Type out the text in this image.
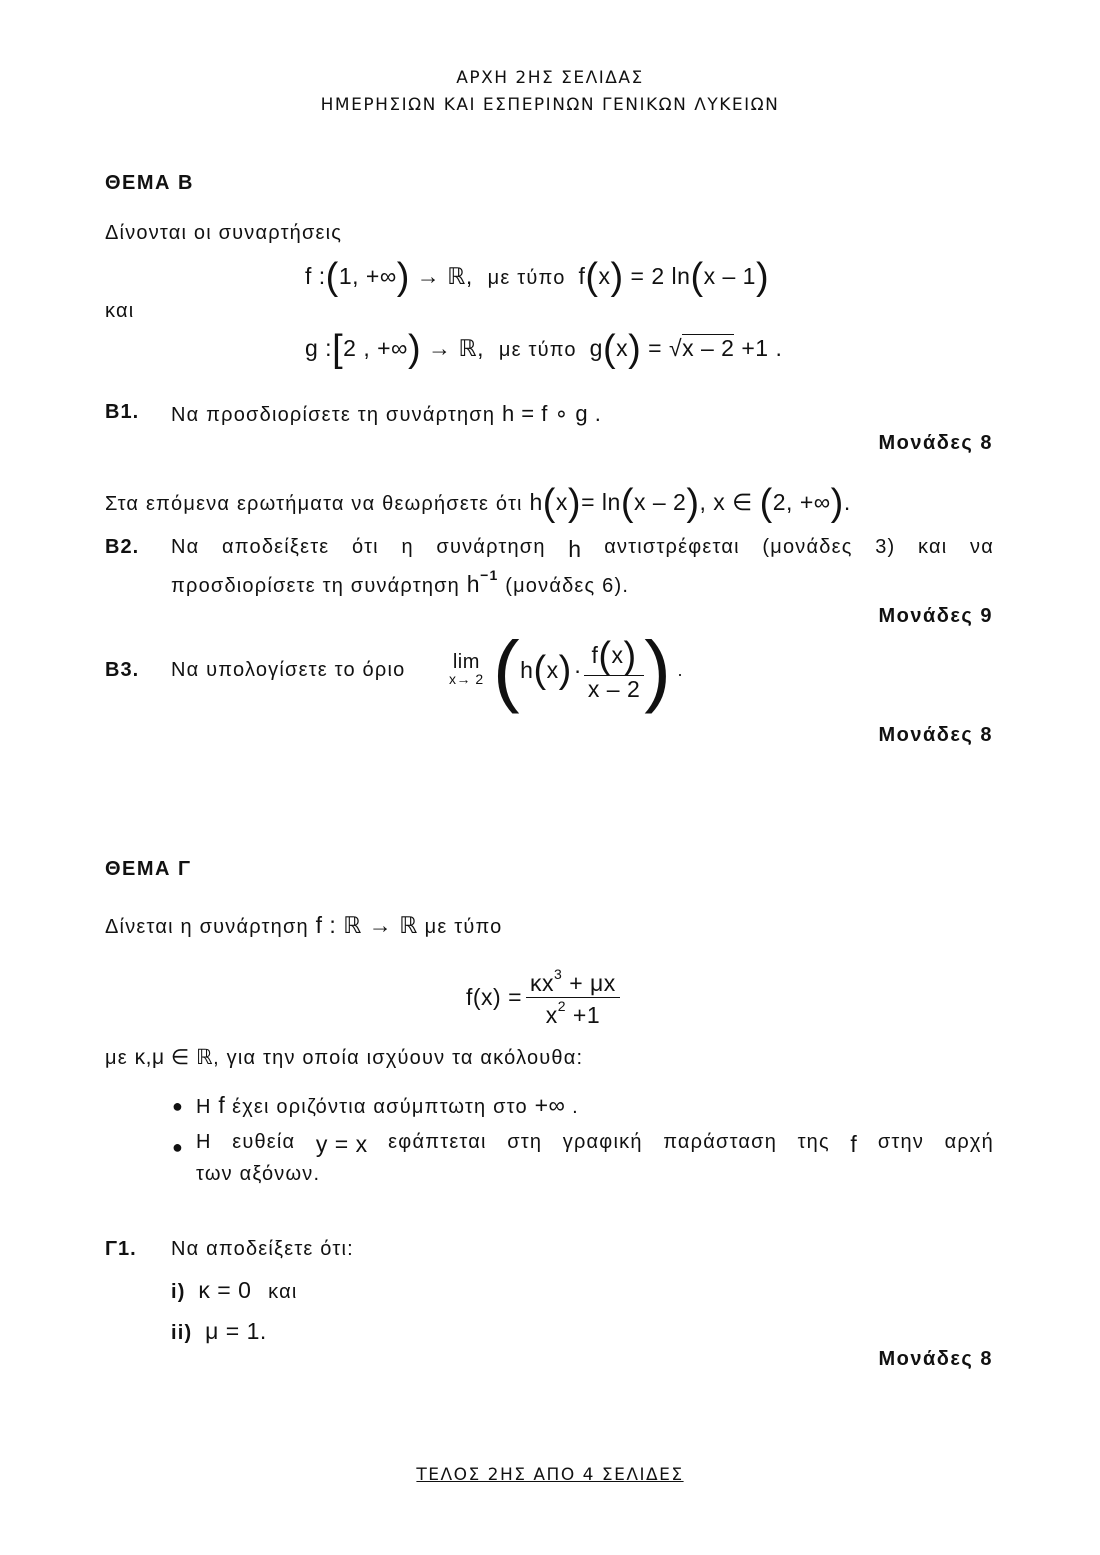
ΑΡΧΗ 2ΗΣ ΣΕΛΙΔΑΣ
ΗΜΕΡΗΣΙΩΝ ΚΑΙ ΕΣΠΕΡΙΝΩΝ ΓΕΝΙΚΩΝ ΛΥΚΕΙΩΝ
ΘΕΜΑ Β
Δίνονται οι συναρτήσεις
f :(1, +∞) → ℝ, με τύπο f(x) = 2 ln(x – 1)
και
g :[2 , +∞) → ℝ, με τύπο g(x) = √x – 2 +1 .
Β1. Να προσδιορίσετε τη συνάρτηση h = f ∘ g .
Μονάδες 8
Στα επόμενα ερωτήματα να θεωρήσετε ότι h(x)= ln(x – 2), x ∈ (2, +∞).
Β2. Να αποδείξετε ότι η συνάρτηση h αντιστρέφεται (μονάδες 3) και να
προσδιορίσετε τη συνάρτηση $h^{-1}$ (μονάδες 6).
Μονάδες 9
Β3. Να υπολογίσετε το όριο lim
x→ 2 ( h ( x ) · $\frac{f(x)}{x - 2}$ ) .
Μονάδες 8
ΘΕΜΑ Γ
Δίνεται η συνάρτηση f : ℝ → ℝ με τύπο
$f(x) = \frac{\kappa x^3 + \mu x}{x^2 +1}$
με κ,μ ∈ ℝ, για την οποία ισχύουν τα ακόλουθα:
● Η f έχει οριζόντια ασύμπτωτη στο +∞ .
● Η ευθεία y = x εφάπτεται στη γραφική παράσταση της f στην αρχή
των αξόνων.
Γ1. Να αποδείξετε ότι:
i) κ = 0 και
ii) μ = 1.
Μονάδες 8
ΤΕΛΟΣ 2ΗΣ ΑΠΟ 4 ΣΕΛΙΔΕΣ
